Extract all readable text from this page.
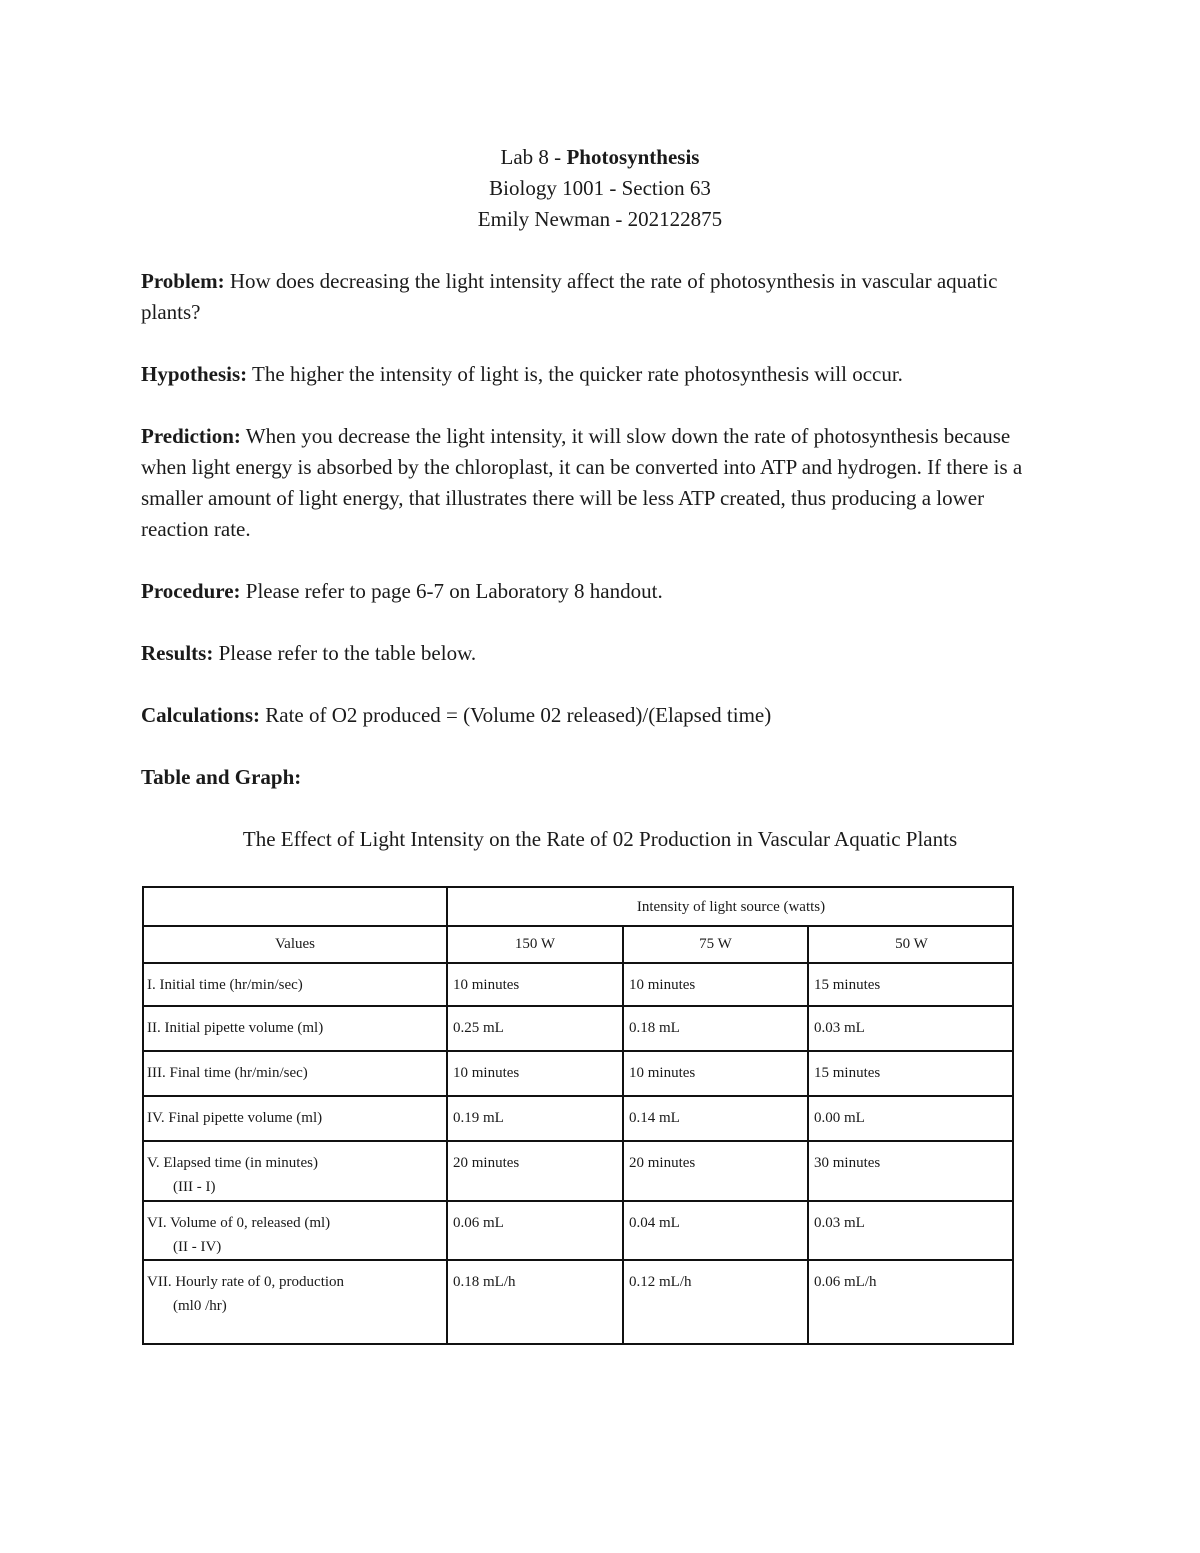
Lab 8 - Photosynthesis
Biology 1001 - Section 63
Emily Newman - 202122875
Problem: How does decreasing the light intensity affect the rate of photosynthesis in vascular aquatic plants?
Hypothesis: The higher the intensity of light is, the quicker rate photosynthesis will occur.
Prediction: When you decrease the light intensity, it will slow down the rate of photosynthesis because when light energy is absorbed by the chloroplast, it can be converted into ATP and hydrogen. If there is a smaller amount of light energy, that illustrates there will be less ATP created, thus producing a lower reaction rate.
Procedure: Please refer to page 6-7 on Laboratory 8 handout.
Results: Please refer to the table below.
Calculations: Rate of O2 produced = (Volume 02 released)/(Elapsed time)
Table and Graph:
The Effect of Light Intensity on the Rate of 02 Production in Vascular Aquatic Plants
Intensity of light source (watts)
Values	150 W	75 W	50 W
I. Initial time (hr/min/sec)	10 minutes	10 minutes	15 minutes
II. Initial pipette volume (ml)	0.25 mL	0.18 mL	0.03 mL
III. Final time (hr/min/sec)	10 minutes	10 minutes	15 minutes
IV. Final pipette volume (ml)	0.19 mL	0.14 mL	0.00 mL
V. Elapsed time (in minutes)
(III - I)
20 minutes	20 minutes	30 minutes
VI. Volume of 0, released (ml)
(II - IV)
0.06 mL	0.04 mL	0.03 mL
VII. Hourly rate of 0, production
(ml0 /hr)
0.18 mL/h	0.12 mL/h	0.06 mL/h
